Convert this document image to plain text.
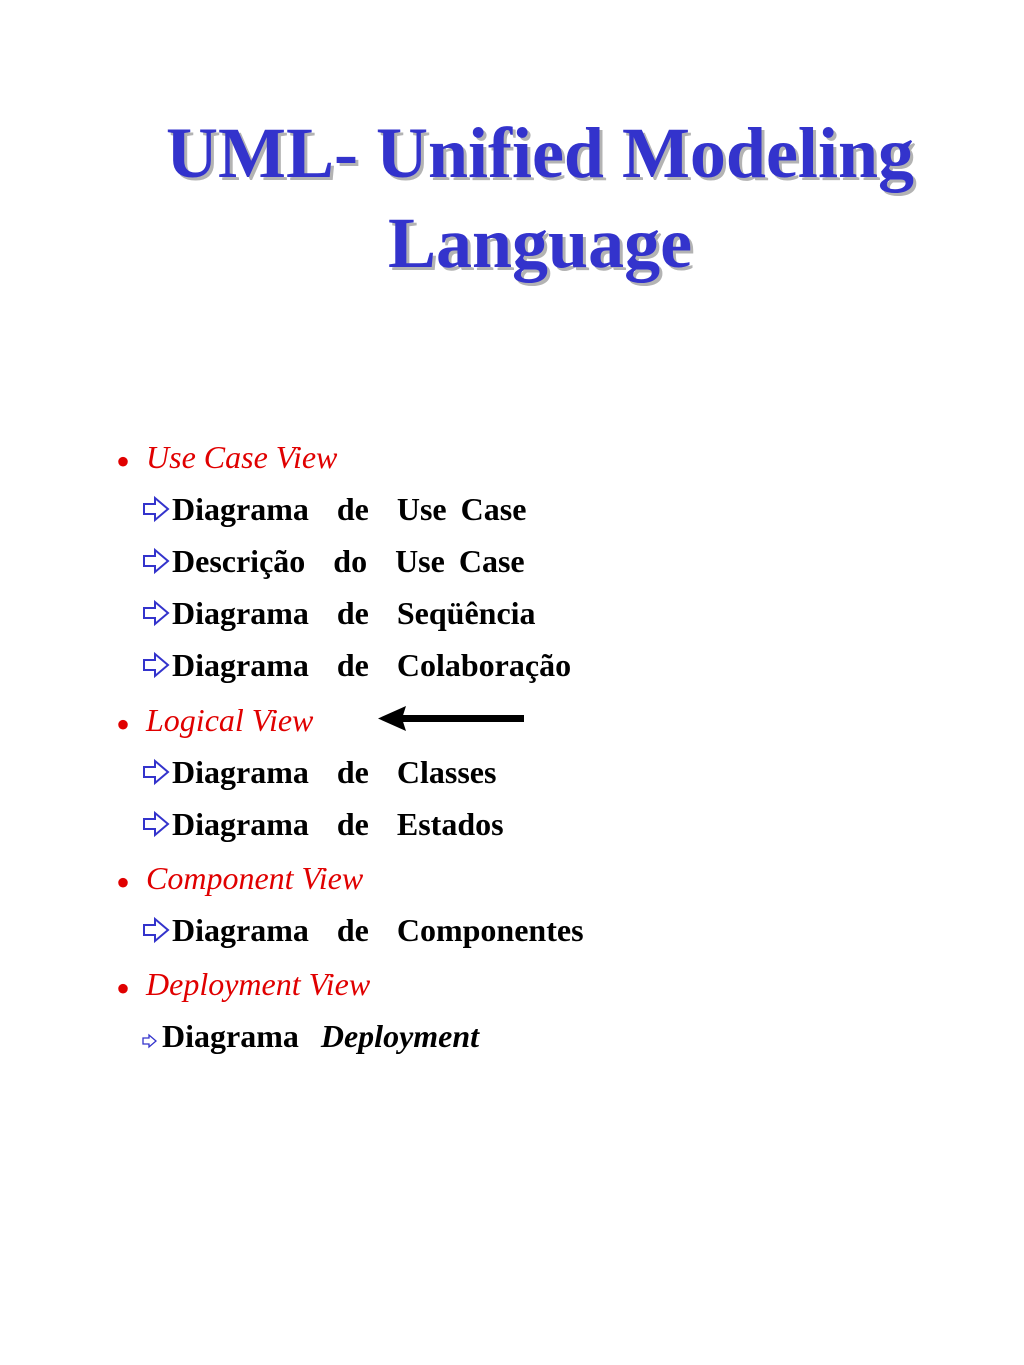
UML- Unified Modeling
Language
• Use Case View
Diagrama  de  Use Case
Descrição  do  Use Case
Diagrama  de  Seqüência
Diagrama  de  Colaboração
• Logical View
Diagrama  de  Classes
Diagrama  de  Estados
• Component View
Diagrama  de  Componentes
• Deployment View
Diagrama Deployment
